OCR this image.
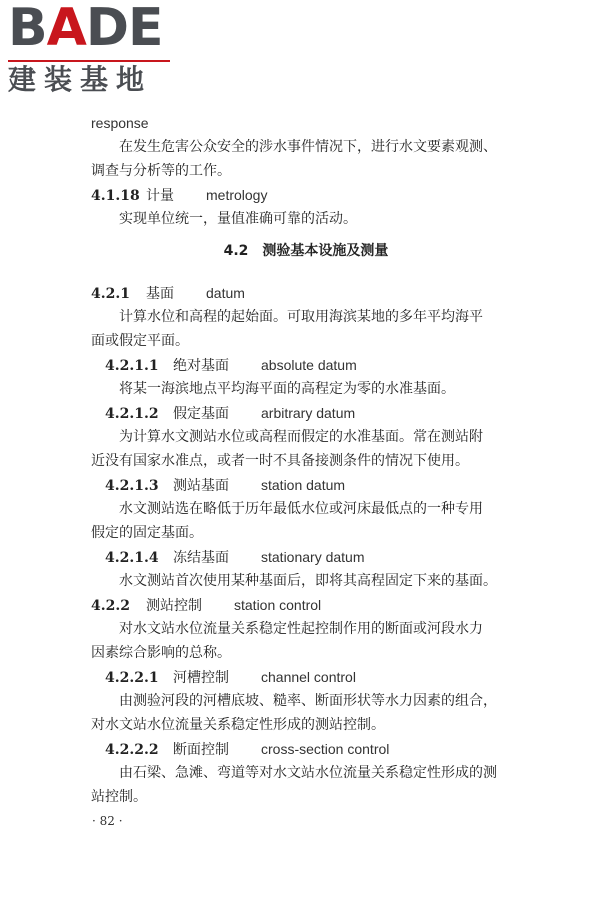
BADE
建装基地
response
在发生危害公众安全的涉水事件情况下，进行水文要素观测、
调查与分析等的工作。
4.1.18 计量 metrology
实现单位统一，量值准确可靠的活动。
4.2 测验基本设施及测量
4.2.1 基面 datum
计算水位和高程的起始面。可取用海滨某地的多年平均海平
面或假定平面。
4.2.1.1 绝对基面 absolute datum
将某一海滨地点平均海平面的高程定为零的水准基面。
4.2.1.2 假定基面 arbitrary datum
为计算水文测站水位或高程而假定的水准基面。常在测站附
近没有国家水准点，或者一时不具备接测条件的情况下使用。
4.2.1.3 测站基面 station datum
水文测站选在略低于历年最低水位或河床最低点的一种专用
假定的固定基面。
4.2.1.4 冻结基面 stationary datum
水文测站首次使用某种基面后，即将其高程固定下来的基面。
4.2.2 测站控制 station control
对水文站水位流量关系稳定性起控制作用的断面或河段水力
因素综合影响的总称。
4.2.2.1 河槽控制 channel control
由测验河段的河槽底坡、糙率、断面形状等水力因素的组合，
对水文站水位流量关系稳定性形成的测站控制。
4.2.2.2 断面控制 cross-section control
由石梁、急滩、弯道等对水文站水位流量关系稳定性形成的测
站控制。
· 82 ·
